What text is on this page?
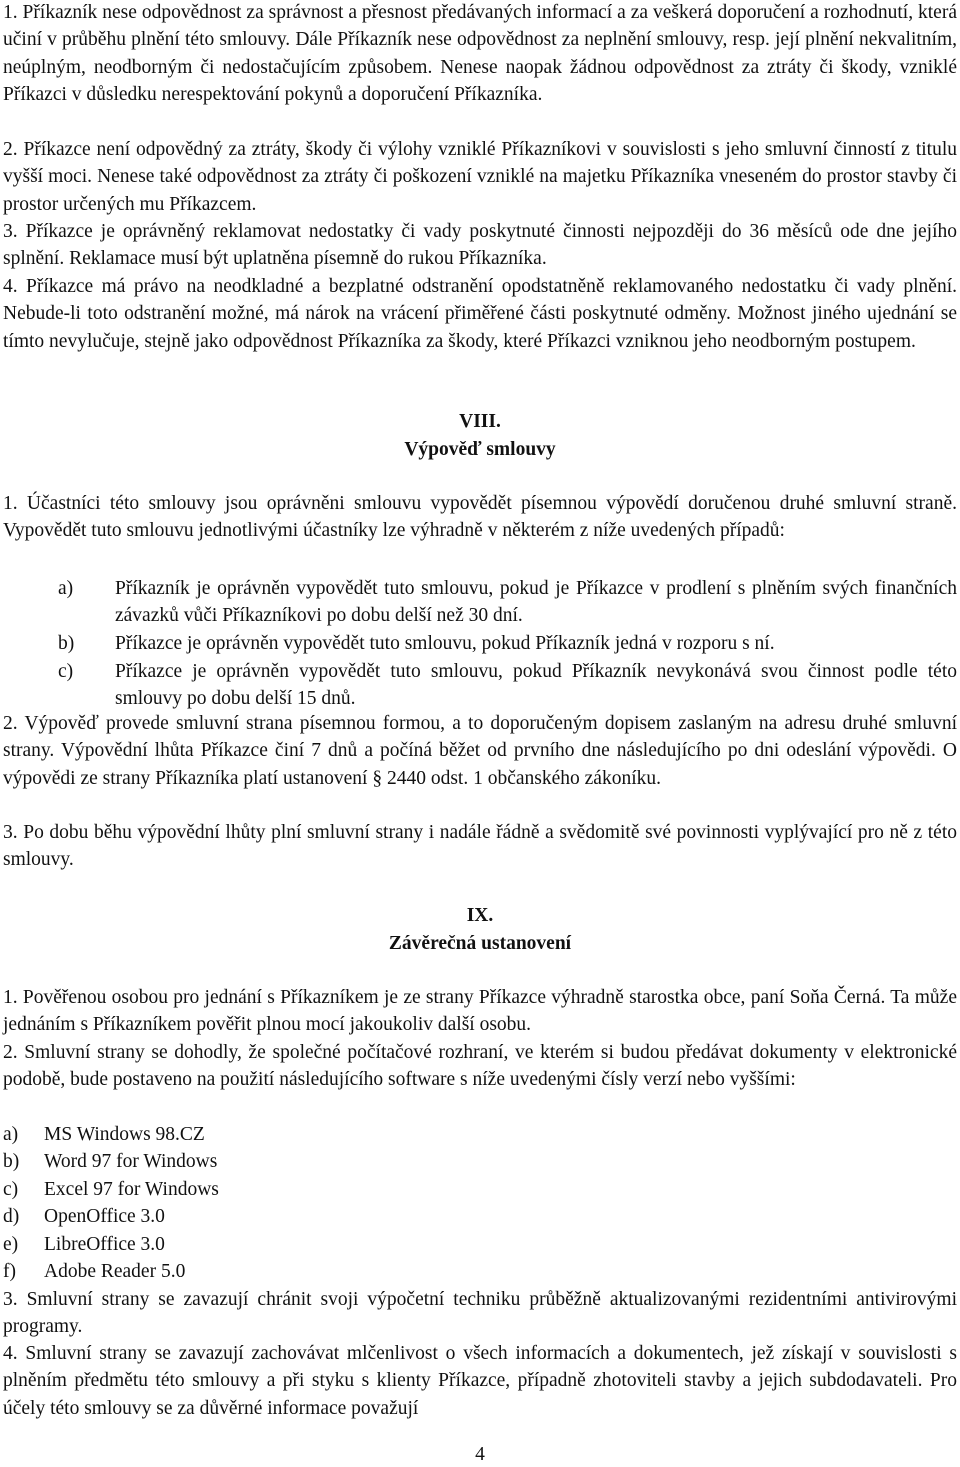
1. Příkazník nese odpovědnost za správnost a přesnost předávaných informací a za veškerá doporučení a rozhodnutí, která učiní v průběhu plnění této smlouvy. Dále Příkazník nese odpovědnost za neplnění smlouvy, resp. její plnění nekvalitním, neúplným, neodborným či nedostačujícím způsobem. Nenese naopak žádnou odpovědnost za ztráty či škody, vzniklé Příkazci v důsledku nerespektování pokynů a doporučení Příkazníka.

2. Příkazce není odpovědný za ztráty, škody či výlohy vzniklé Příkazníkovi v souvislosti s jeho smluvní činností z titulu vyšší moci. Nenese také odpovědnost za ztráty či poškození vzniklé na majetku Příkazníka vneseném do prostor stavby či prostor určených mu Příkazcem.

3. Příkazce je oprávněný reklamovat nedostatky či vady poskytnuté činnosti nejpozději do 36 měsíců ode dne jejího splnění. Reklamace musí být uplatněna písemně do rukou Příkazníka.

4. Příkazce má právo na neodkladné a bezplatné odstranění opodstatněně reklamovaného nedostatku či vady plnění. Nebude-li toto odstranění možné, má nárok na vrácení přiměřené části poskytnuté odměny. Možnost jiného ujednání se tímto nevylučuje, stejně jako odpovědnost Příkazníka za škody, které Příkazci vzniknou jeho neodborným postupem.

VIII.

Výpověď smlouvy

1. Účastníci této smlouvy jsou oprávněni smlouvu vypovědět písemnou výpovědí doručenou druhé smluvní straně. Vypovědět tuto smlouvu jednotlivými účastníky lze výhradně v některém z níže uvedených případů:

a) Příkazník je oprávněn vypovědět tuto smlouvu, pokud je Příkazce v prodlení s plněním svých finančních závazků vůči Příkazníkovi po dobu delší než 30 dní.
b) Příkazce je oprávněn vypovědět tuto smlouvu, pokud Příkazník jedná v rozporu s ní.
c) Příkazce je oprávněn vypovědět tuto smlouvu, pokud Příkazník nevykonává svou činnost podle této smlouvy po dobu delší 15 dnů.

2. Výpověď provede smluvní strana písemnou formou, a to doporučeným dopisem zaslaným na adresu druhé smluvní strany. Výpovědní lhůta Příkazce činí 7 dnů a počíná běžet od prvního dne následujícího po dni odeslání výpovědi. O výpovědi ze strany Příkazníka platí ustanovení § 2440 odst. 1 občanského zákoníku.

3. Po dobu běhu výpovědní lhůty plní smluvní strany i nadále řádně a svědomitě své povinnosti vyplývající pro ně z této smlouvy.

IX.

Závěrečná ustanovení

1. Pověřenou osobou pro jednání s Příkazníkem je ze strany Příkazce výhradně starostka obce, paní Soňa Černá. Ta může jednáním s Příkazníkem pověřit plnou mocí jakoukoliv další osobu.

2. Smluvní strany se dohodly, že společné počítačové rozhraní, ve kterém si budou předávat dokumenty v elektronické podobě, bude postaveno na použití následujícího software s níže uvedenými čísly verzí nebo vyššími:

a) MS Windows 98.CZ
b) Word 97 for Windows
c) Excel 97 for Windows
d) OpenOffice 3.0
e) LibreOffice 3.0
f) Adobe Reader 5.0

3. Smluvní strany se zavazují chránit svoji výpočetní techniku průběžně aktualizovanými rezidentními antivirovými programy.

4. Smluvní strany se zavazují zachovávat mlčenlivost o všech informacích a dokumentech, jež získají v souvislosti s plněním předmětu této smlouvy a při styku s klienty Příkazce, případně zhotoviteli stavby a jejich subdodavateli. Pro účely této smlouvy se za důvěrné informace považují

4
